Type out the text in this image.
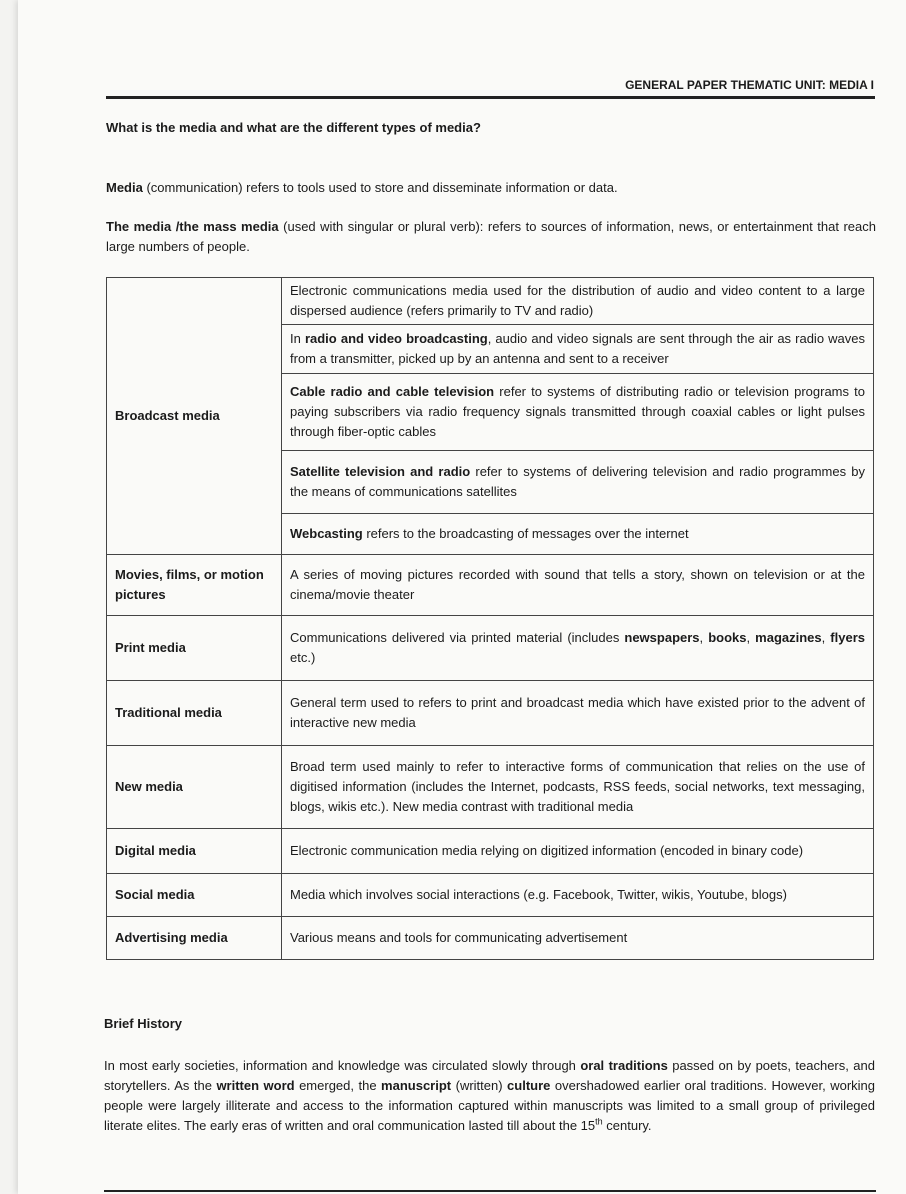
GENERAL PAPER THEMATIC UNIT: MEDIA I
What is the media and what are the different types of media?
Media (communication) refers to tools used to store and disseminate information or data.
The media /the mass media (used with singular or plural verb): refers to sources of information, news, or entertainment that reach large numbers of people.
Broadcast media	Electronic communications media used for the distribution of audio and video content to a large dispersed audience (refers primarily to TV and radio)
	In radio and video broadcasting, audio and video signals are sent through the air as radio waves from a transmitter, picked up by an antenna and sent to a receiver
	Cable radio and cable television refer to systems of distributing radio or television programs to paying subscribers via radio frequency signals transmitted through coaxial cables or light pulses through fiber-optic cables
	Satellite television and radio refer to systems of delivering television and radio programmes by the means of communications satellites
	Webcasting refers to the broadcasting of messages over the internet
Movies, films, or motion pictures	A series of moving pictures recorded with sound that tells a story, shown on television or at the cinema/movie theater
Print media	Communications delivered via printed material (includes newspapers, books, magazines, flyers etc.)
Traditional media	General term used to refers to print and broadcast media which have existed prior to the advent of interactive new media
New media	Broad term used mainly to refer to interactive forms of communication that relies on the use of digitised information (includes the Internet, podcasts, RSS feeds, social networks, text messaging, blogs, wikis etc.). New media contrast with traditional media
Digital media	Electronic communication media relying on digitized information (encoded in binary code)
Social media	Media which involves social interactions (e.g. Facebook, Twitter, wikis, Youtube, blogs)
Advertising media	Various means and tools for communicating advertisement
Brief History
In most early societies, information and knowledge was circulated slowly through oral traditions passed on by poets, teachers, and storytellers. As the written word emerged, the manuscript (written) culture overshadowed earlier oral traditions. However, working people were largely illiterate and access to the information captured within manuscripts was limited to a small group of privileged literate elites. The early eras of written and oral communication lasted till about the 15th century.
